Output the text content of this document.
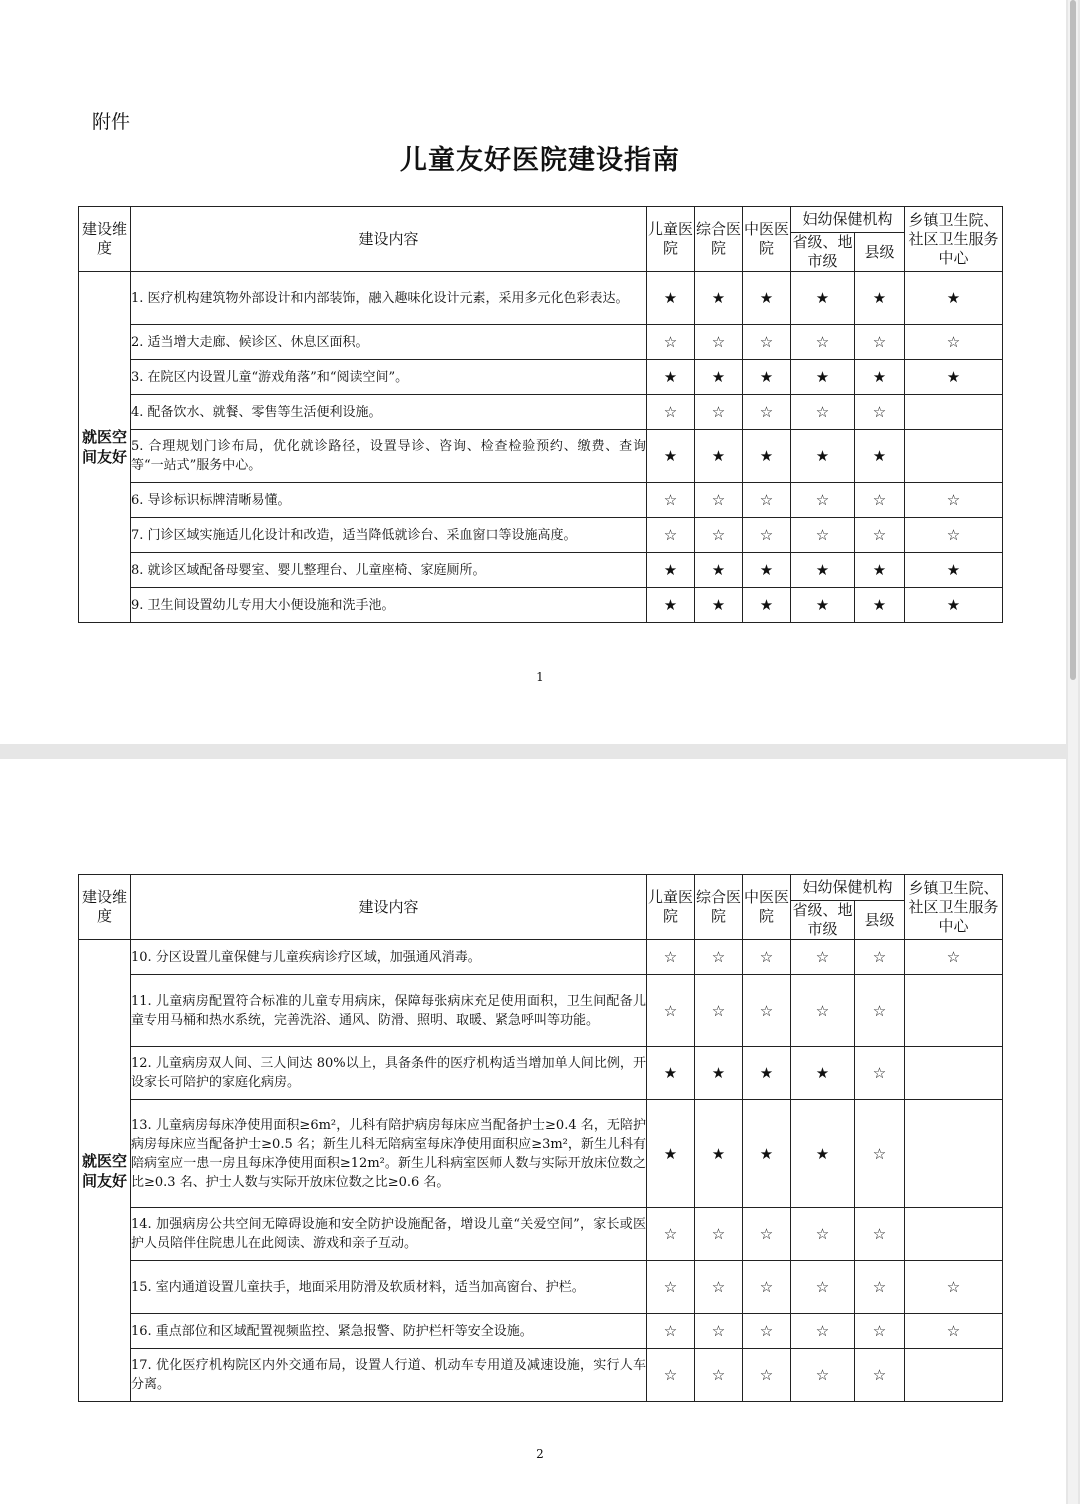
附件
儿童友好医院建设指南
建设维度	建设内容	儿童医院	综合医院	中医医院	妇幼保健机构		乡镇卫生院、社区卫生服务中心
					省级、地市级	县级	
就医空间友好	1. 医疗机构建筑物外部设计和内部装饰，融入趣味化设计元素，采用多元化色彩表达。	★	★	★	★	★	★
	2. 适当增大走廊、候诊区、休息区面积。	☆	☆	☆	☆	☆	☆
	3. 在院区内设置儿童“游戏角落”和“阅读空间”。	★	★	★	★	★	★
	4. 配备饮水、就餐、零售等生活便利设施。	☆	☆	☆	☆	☆	
	5. 合理规划门诊布局，优化就诊路径，设置导诊、咨询、检查检验预约、缴费、查询等“一站式”服务中心。	★	★	★	★	★	
	6. 导诊标识标牌清晰易懂。	☆	☆	☆	☆	☆	☆
	7. 门诊区域实施适儿化设计和改造，适当降低就诊台、采血窗口等设施高度。	☆	☆	☆	☆	☆	☆
	8. 就诊区域配备母婴室、婴儿整理台、儿童座椅、家庭厕所。	★	★	★	★	★	★
	9. 卫生间设置幼儿专用大小便设施和洗手池。	★	★	★	★	★	★
1
建设维度	建设内容	儿童医院	综合医院	中医医院	妇幼保健机构		乡镇卫生院、社区卫生服务中心
					省级、地市级	县级	
就医空间友好	10. 分区设置儿童保健与儿童疾病诊疗区域，加强通风消毒。	☆	☆	☆	☆	☆	☆
	11. 儿童病房配置符合标准的儿童专用病床，保障每张病床充足使用面积，卫生间配备儿童专用马桶和热水系统，完善洗浴、通风、防滑、照明、取暖、紧急呼叫等功能。	☆	☆	☆	☆	☆	
	12. 儿童病房双人间、三人间达 80%以上，具备条件的医疗机构适当增加单人间比例，开设家长可陪护的家庭化病房。	★	★	★	★	☆	
	13. 儿童病房每床净使用面积≥6m²，儿科有陪护病房每床应当配备护士≥0.4 名，无陪护病房每床应当配备护士≥0.5 名；新生儿科无陪病室每床净使用面积应≥3m²，新生儿科有陪病室应一患一房且每床净使用面积≥12m²。新生儿科病室医师人数与实际开放床位数之比≥0.3 名、护士人数与实际开放床位数之比≥0.6 名。	★	★	★	★	☆	
	14. 加强病房公共空间无障碍设施和安全防护设施配备，增设儿童“关爱空间”，家长或医护人员陪伴住院患儿在此阅读、游戏和亲子互动。	☆	☆	☆	☆	☆	
	15. 室内通道设置儿童扶手，地面采用防滑及软质材料，适当加高窗台、护栏。	☆	☆	☆	☆	☆	☆
	16. 重点部位和区域配置视频监控、紧急报警、防护栏杆等安全设施。	☆	☆	☆	☆	☆	☆
	17. 优化医疗机构院区内外交通布局，设置人行道、机动车专用道及减速设施，实行人车分离。	☆	☆	☆	☆	☆	
2
